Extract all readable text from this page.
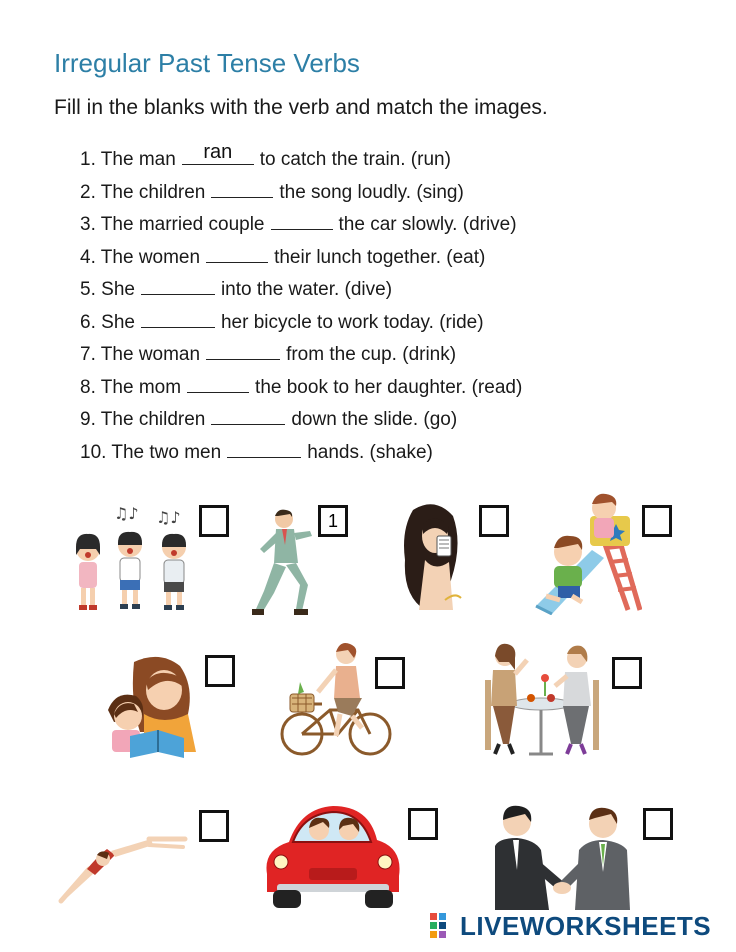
Irregular Past Tense Verbs
Fill in the blanks with the verb and match the images.
1. The man
ran	to catch the train. (run)
2. The children	the song loudly. (sing)
3. The married couple	the car slowly. (drive)
4. The women	their lunch together. (eat)
5. She	into the water. (dive)
6. She	her bicycle to work today. (ride)
7. The woman	from the cup. (drink)
8. The mom	the book to her daughter. (read)
9. The children	down the slide. (go)
10. The two men	hands. (shake)
♫♪ ♫♪
1
LIVEWORKSHEETS
